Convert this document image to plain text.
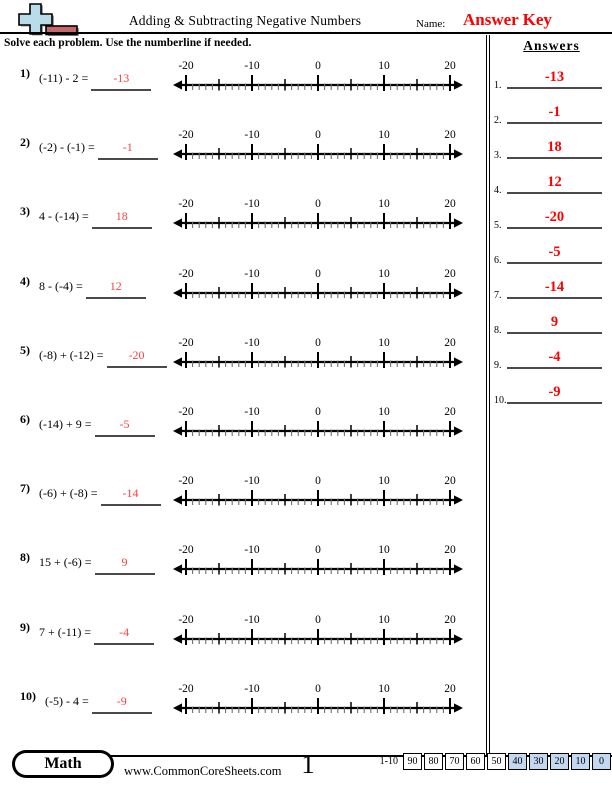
Adding & Subtracting Negative Numbers	Name: Answer Key
Solve each problem. Use the numberline if needed.
$^{1)}$ (-11) - 2 = -13
-20	-10	0	10	20
$^{2)}$ (-2) - (-1) = -1
-20	-10	0	10	20
$^{3)}$ 4 - (-14) = 18
-20	-10	0	10	20
$^{4)}$ 8 - (-4) = 12
-20	-10	0	10	20
$^{5)}$ (-8) + (-12) = -20
-20	-10	0	10	20
$^{6)}$ (-14) + 9 = -5
-20	-10	0	10	20
$^{7)}$ (-6) + (-8) = -14
-20	-10	0	10	20
$^{8)}$ 15 + (-6) =	9
-20	-10	0	10	20
$^{9)}$ 7 + (-11) = -4
-20	-10	0	10	20
$^{10)}$ (-5) - 4 = -9
-20	-10	0	10	20
Answers
1.
-13
2.
-1
3.
18
4.
12
5.
-20
6.
-5
7.
-14
8.
9
9.
-4
10.
-9
Math	www.CommonCoreSheets.com 1	1-10 90	80	70	60	50	40	30	20	10	0
